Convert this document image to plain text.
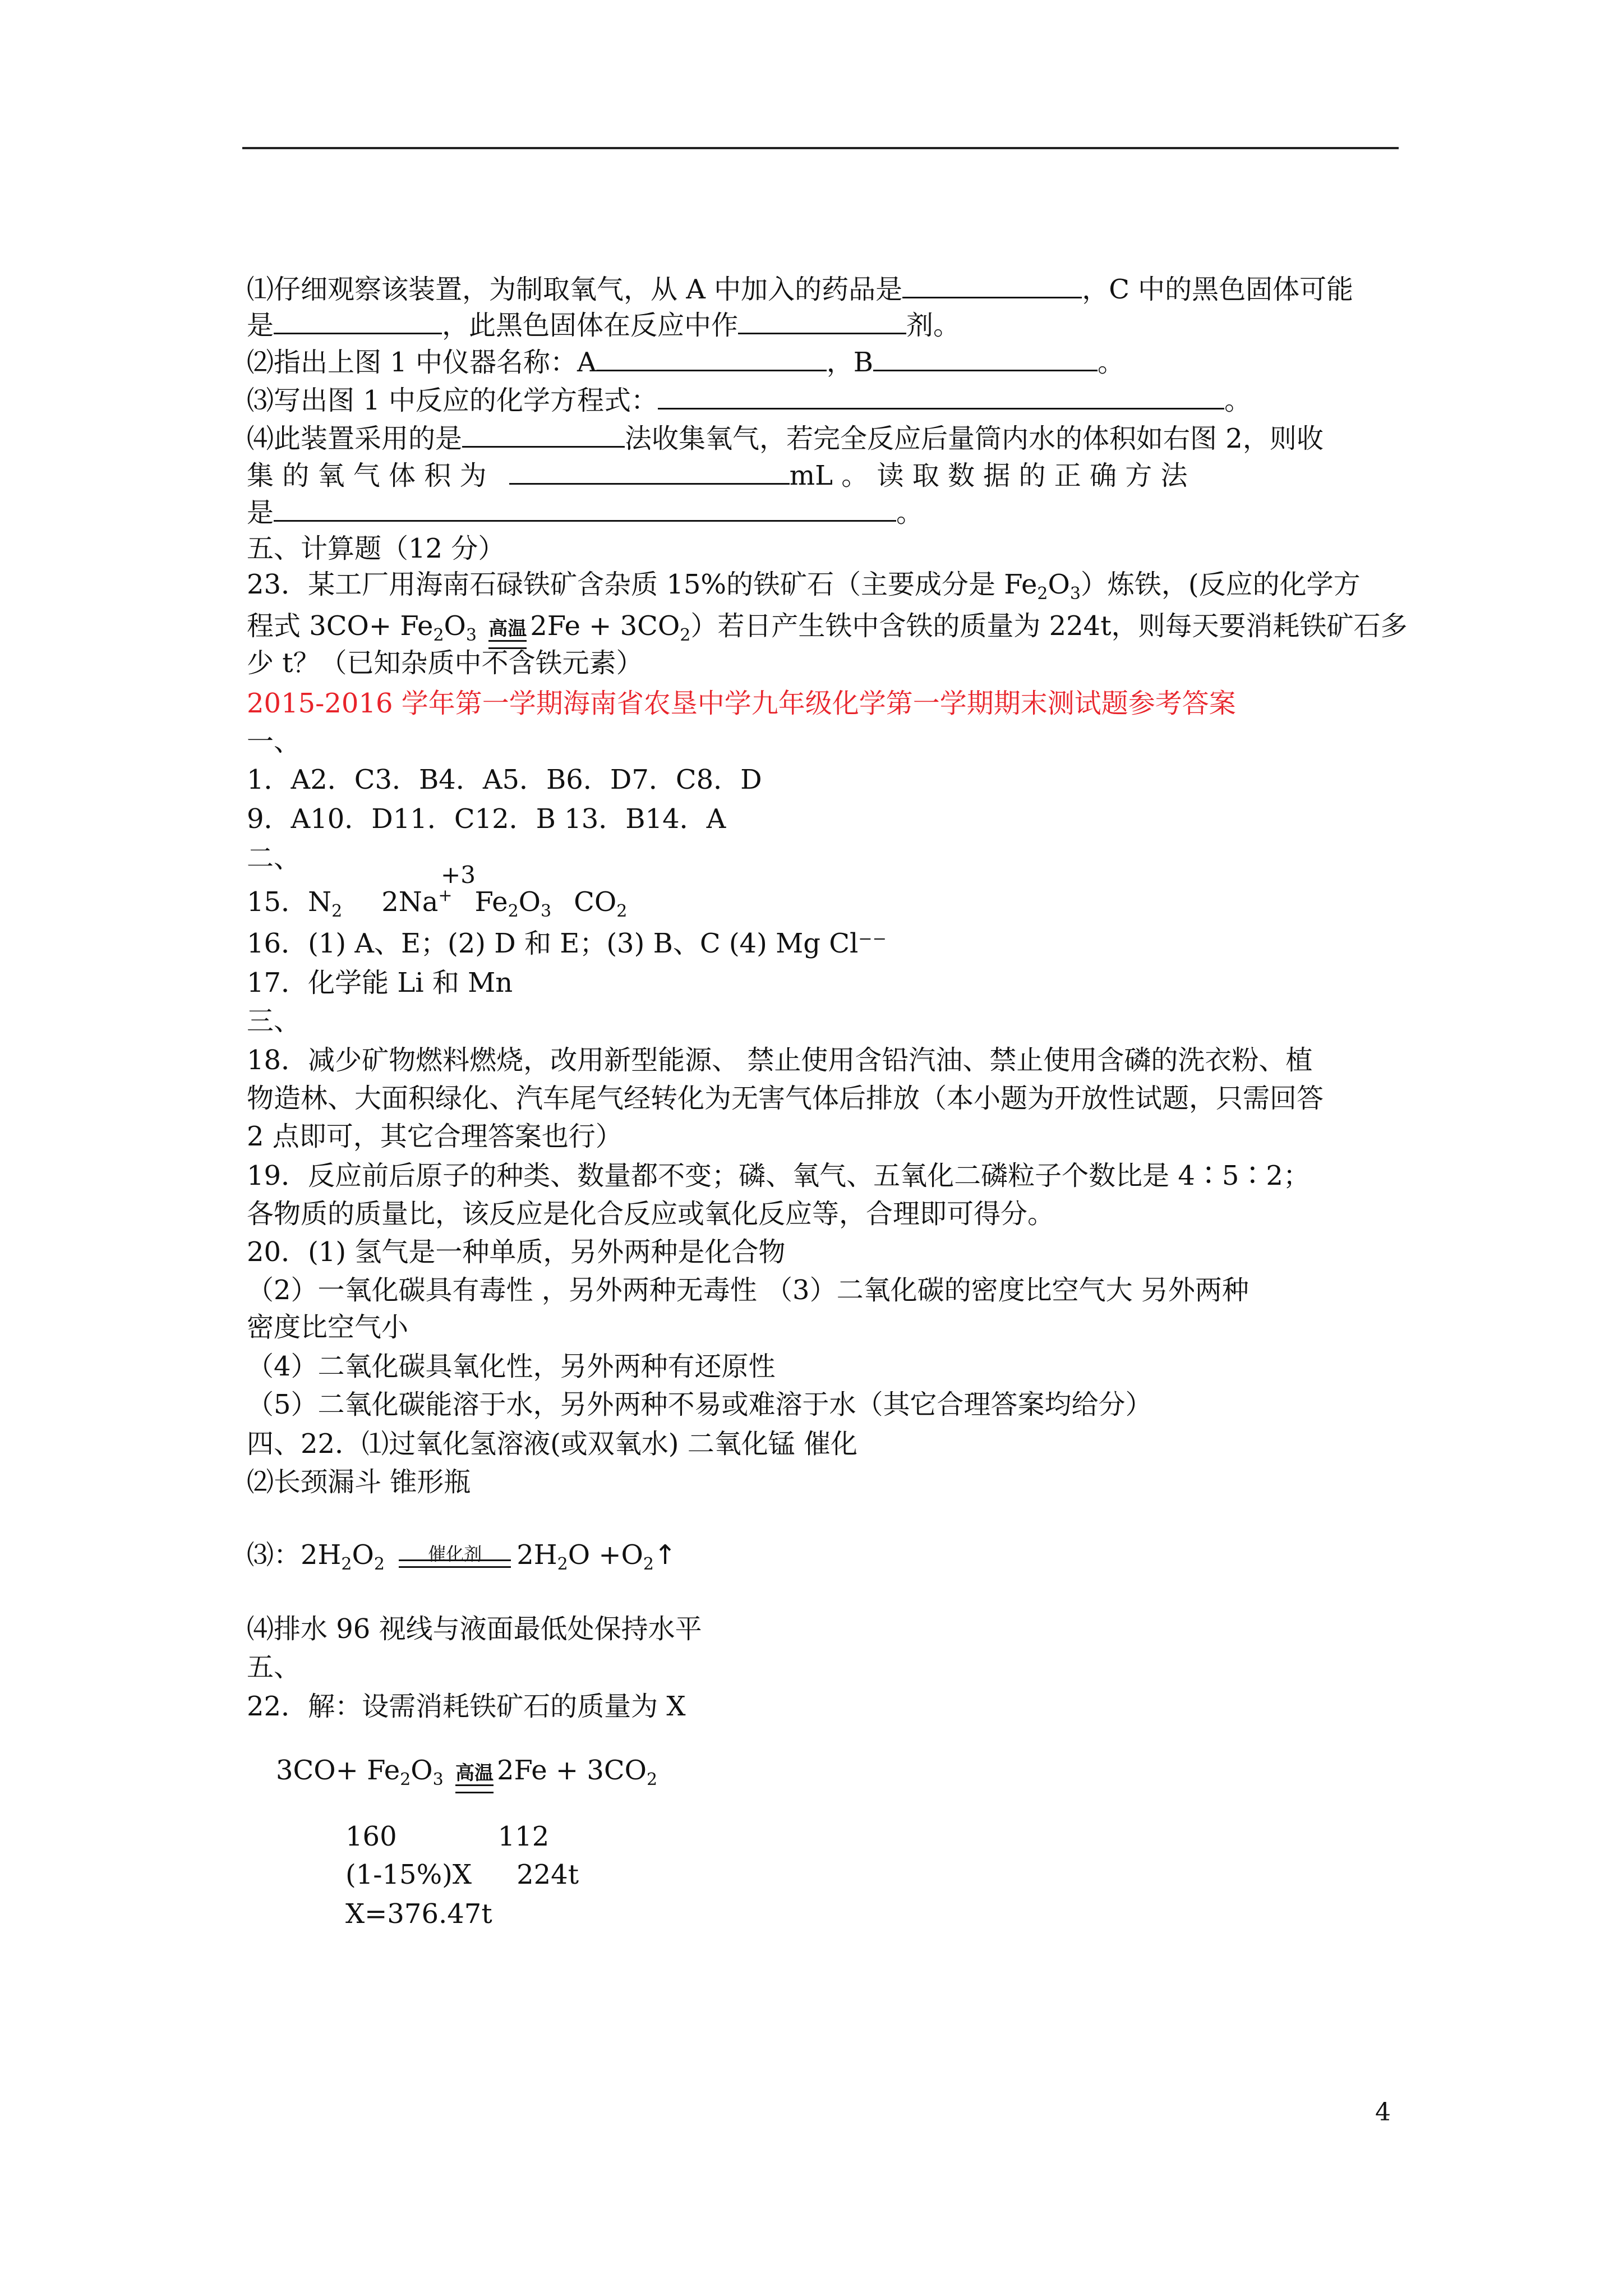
⑴仔细观察该装置，为制取氧气，从 A 中加入的药品是	，C 中的黑色固体可能
是	，此黑色固体在反应中作	剂。
⑵指出上图 1 中仪器名称：A	，B	。
⑶写出图 1 中反应的化学方程式：	。
⑷此装置采用的是	法收集氧气，若完全反应后量筒内水的体积如右图 2，则收
集 的 氧 气 体 积 为	mL 。 读 取 数 据 的 正 确 方 法
是	。
五、计算题（12 分）
23．某工厂用海南石碌铁矿含杂质 15%的铁矿石（主要成分是 $Fe_2O_3$）炼铁，(反应的化学方
程式 $3CO+ Fe_2O_3$ 高温 $2Fe + 3CO_2$）若日产生铁中含铁的质量为 224t，则每天要消耗铁矿石多
少 t？（已知杂质中不含铁元素）
2015-2016 学年第一学期海南省农垦中学九年级化学第一学期期末测试题参考答案
一、
1．A2．C3．B4．A5．B6．D7．C8．D
9．A10．D11．C12．B 13．B14．A
二、
+3
15．$N_2$ 2Na+ $Fe_2O_3$ $CO_2$
16．(1) A、E；(2) D 和 E；(3) B、C (4) Mg Cl⁻⁻
17．化学能 Li 和 Mn
三、
18．减少矿物燃料燃烧，改用新型能源、 禁止使用含铅汽油、禁止使用含磷的洗衣粉、植
物造林、大面积绿化、汽车尾气经转化为无害气体后排放（本小题为开放性试题，只需回答
2 点即可，其它合理答案也行）
19．反应前后原子的种类、数量都不变；磷、氧气、五氧化二磷粒子个数比是 4∶5∶2；
各物质的质量比，该反应是化合反应或氧化反应等，合理即可得分。
20．(1) 氢气是一种单质，另外两种是化合物
（2）一氧化碳具有毒性 ，另外两种无毒性 （3）二氧化碳的密度比空气大 另外两种
密度比空气小
（4）二氧化碳具氧化性，另外两种有还原性
（5）二氧化碳能溶于水，另外两种不易或难溶于水（其它合理答案均给分）
四、22．⑴过氧化氢溶液(或双氧水) 二氧化锰 催化
⑵长颈漏斗 锥形瓶
⑶：$2H_2O_2$	催化剂	$2H_2O$ $+O_2↑$
⑷排水 96 视线与液面最低处保持水平
五、
22．解：设需消耗铁矿石的质量为 X
$3CO+ Fe_2O_3$ 高温 $2Fe + 3CO_2$
160	112
(1-15%)X 224t
X=376.47t
4
